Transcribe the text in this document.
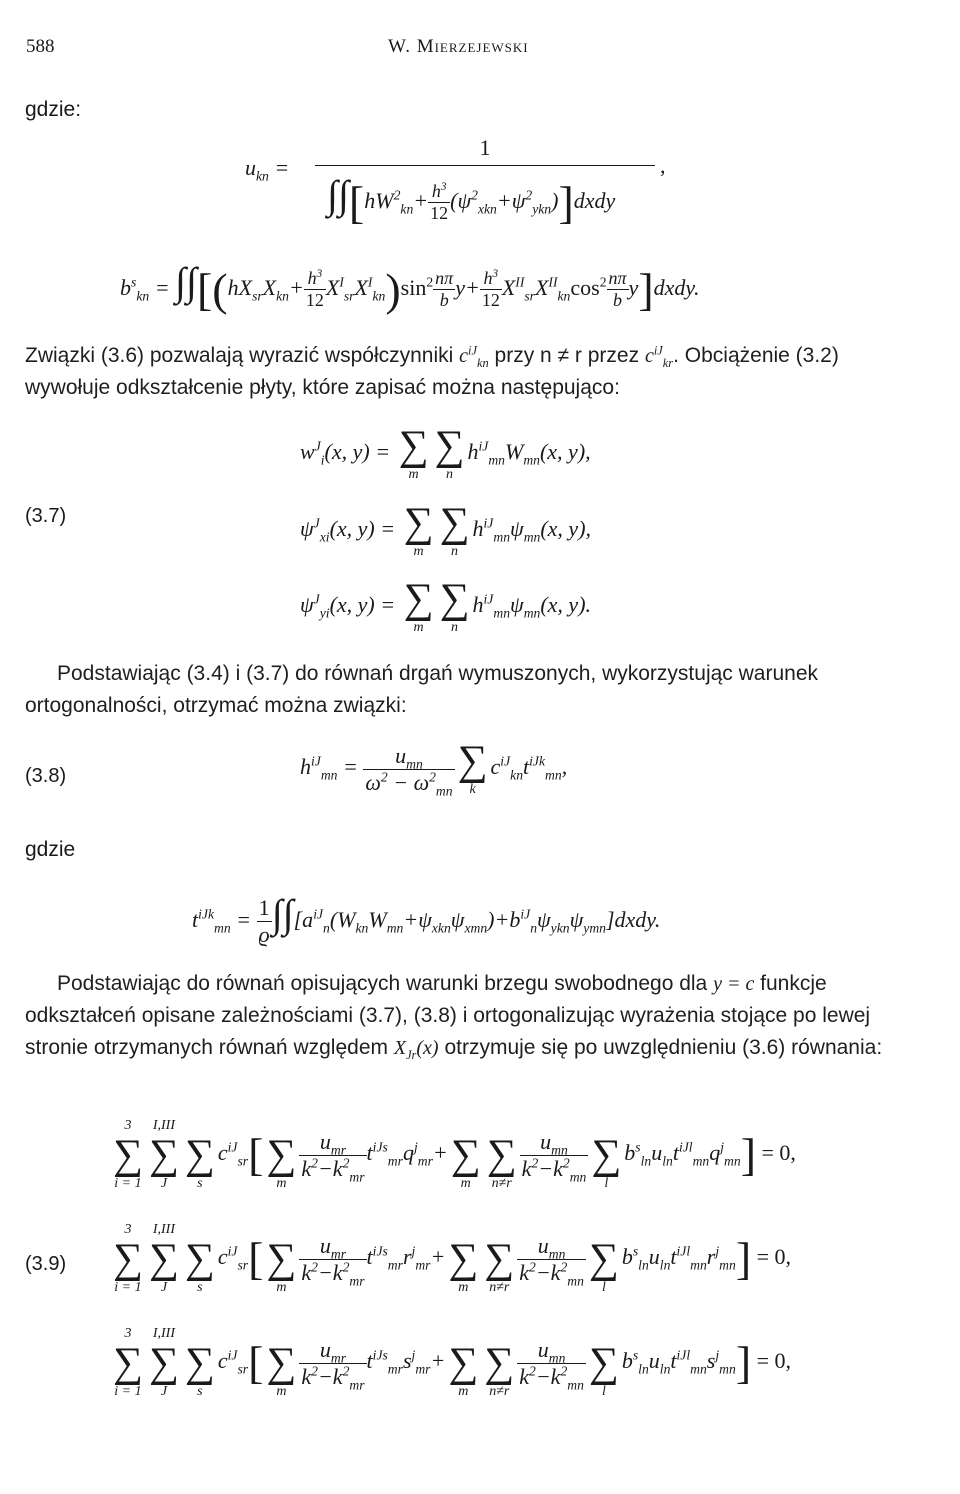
588	W. Mierzejewski
gdzie:
$u_{kn}$ =
1
,
$\int\int[hW^2_{kn}+ \frac{h^3}{12}$ $(\psi^2_{xkn}+\psi^2_{ykn})]dxdy$
$b^s_{kn} = \int\int[(hX_{sr}X_{kn}+ \frac{h^3}{12} X^I_{sr}X^I_{kn})\sin^2 \frac{n\pi}{b} y+ \frac{h^3}{12} X^{II}_{sr}X^{II}_{kn}\cos^2 \frac{n\pi}{b}$ y]dxdy.
Związki (3.6) pozwalają wyrazić współczynniki $c^{iJ}_{kn}$ przy n ≠ r przez $c^{iJ}_{kr}$. Obciążenie (3.2) wywołuje odkształcenie płyty, które zapisać można następująco:
(3.7)
$w^J_i(x$, y) = ∑
m
∑
n
$h^{iJ}_{mn}W_{mn}(x$, y),
$\psi^J_{xi}(x$, y) = ∑
m
∑
n
$h^{iJ}_{mn}\psi_{mn}(x$, y),
$\psi^J_{yi}(x$, y) = ∑
m
∑
n
$h^{iJ}_{mn}\psi_{mn}(x$, y).
Podstawiając (3.4) i (3.7) do równań drgań wymuszonych, wykorzystując warunek ortogonalności, otrzymać można związki:
(3.8)	$h^{iJ}_{mn} = \frac{u_{mn}}{\omega^2 - \omega^2_{mn}}$ ∑
k
$c^{iJ}_{kn}t^{iJk}_{mn}$,
gdzie
$t^{iJk}_{mn} = \frac{1}{ϱ}$ $\int\int[a^{iJ}_n(W_{kn}W_{mn}+\psi_{xkn}\psi_{xmn})+b^{iJ}_n\psi_{ykn}\psi_{ymn}]dxdy$.
Podstawiając do równań opisujących warunki brzegu swobodnego dla y = c funkcje odkształceń opisane zależnościami (3.7), (3.8) i ortogonalizując wyrażenia stojące po lewej stronie otrzymanych równań względem $X_{Jr}(x)$ otrzymuje się po uwzględnieniu (3.6) równania:
(3.9)
3
∑
i = 1
I,III
∑
J

∑
s
$c^{iJ}_{sr}$[

∑
m
$\frac{u_{mr}}{k^2-k^2_{mr}} t^{iJs}_{mr}q^j_{mr}+$

∑
m

∑
n≠r
$\frac{u_{mn}}{k^2-k^2_{mn}}$
∑
l
$b^s_{ln}u_{ln}t^{iJl}_{mn}q^j_{mn}] = 0$,
3
∑
i = 1
I,III
∑
J

∑
s
$c^{iJ}_{sr}$[

∑
m
$\frac{u_{mr}}{k^2-k^2_{mr}} t^{iJs}_{mr}r^j_{mr}+$

∑
m

∑
n≠r
$\frac{u_{mn}}{k^2-k^2_{mn}}$
∑
l
$b^s_{ln}u_{ln}t^{iJl}_{mn}r^j_{mn}] = 0$,
3
∑
i = 1
I,III
∑
J

∑
s
$c^{iJ}_{sr}$[

∑
m
$\frac{u_{mr}}{k^2-k^2_{mr}} t^{iJs}_{mr}s^j_{mr}+$

∑
m

∑
n≠r
$\frac{u_{mn}}{k^2-k^2_{mn}}$
∑
l
$b^s_{ln}u_{ln}t^{iJl}_{mn}s^j_{mn}] = 0$,
